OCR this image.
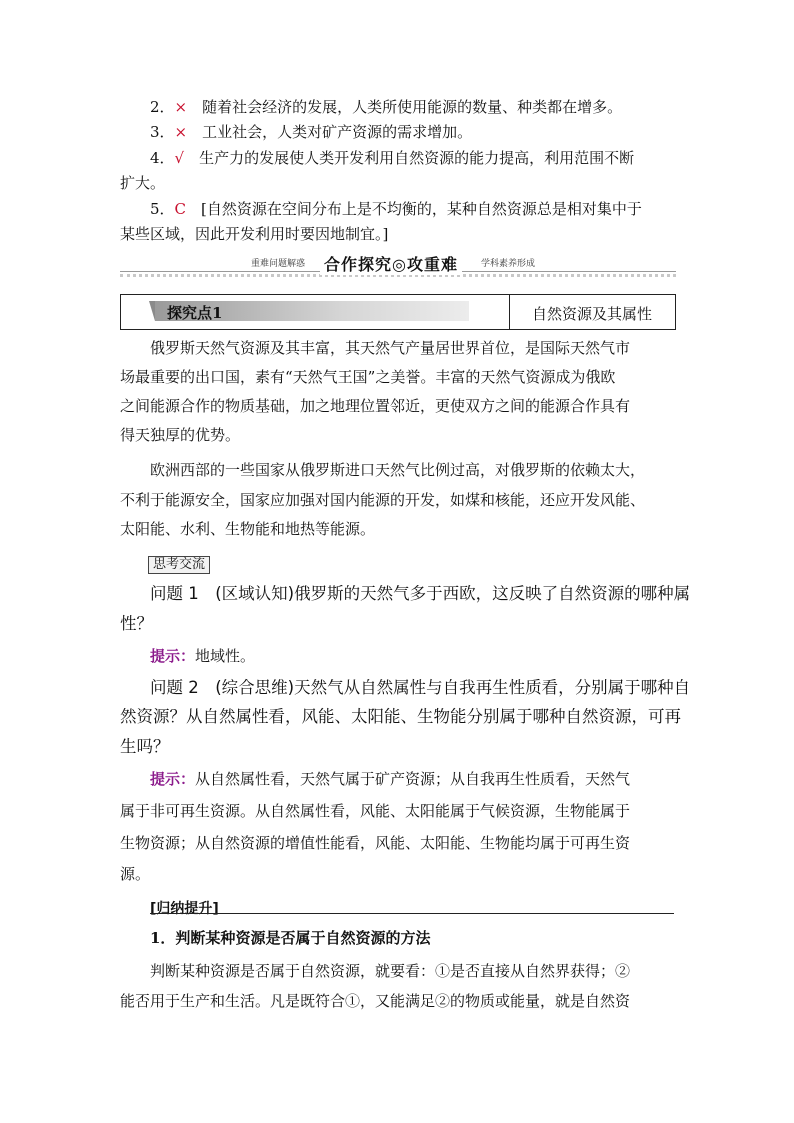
2．×　 随着社会经济的发展，人类所使用能源的数量、种类都在增多。
3．×　 工业社会，人类对矿产资源的需求增加。
4．√　 生产力的发展使人类开发利用自然资源的能力提高，利用范围不断
扩大。
5．C　 [自然资源在空间分布上是不均衡的，某种自然资源总是相对集中于
某些区域，因此开发利用时要因地制宜。]
重难问题解惑 合作探究◎攻重难	学科素养形成
探究点1	自然资源及其属性
俄罗斯天然气资源及其丰富，其天然气产量居世界首位，是国际天然气市
场最重要的出口国，素有“天然气王国”之美誉。丰富的天然气资源成为俄欧
之间能源合作的物质基础，加之地理位置邻近，更使双方之间的能源合作具有
得天独厚的优势。
欧洲西部的一些国家从俄罗斯进口天然气比例过高，对俄罗斯的依赖太大，
不利于能源安全，国家应加强对国内能源的开发，如煤和核能，还应开发风能、
太阳能、水利、生物能和地热等能源。
思考交流
问题 1　(区域认知)俄罗斯的天然气多于西欧，这反映了自然资源的哪种属
性？
提示：地域性。
问题 2　(综合思维)天然气从自然属性与自我再生性质看，分别属于哪种自
然资源？从自然属性看，风能、太阳能、生物能分别属于哪种自然资源，可再
生吗？
提示：从自然属性看，天然气属于矿产资源；从自我再生性质看，天然气
属于非可再生资源。从自然属性看，风能、太阳能属于气候资源，生物能属于
生物资源；从自然资源的增值性能看，风能、太阳能、生物能均属于可再生资
源。
[归纳提升]
1．判断某种资源是否属于自然资源的方法
判断某种资源是否属于自然资源，就要看：①是否直接从自然界获得；②
能否用于生产和生活。凡是既符合①，又能满足②的物质或能量，就是自然资
